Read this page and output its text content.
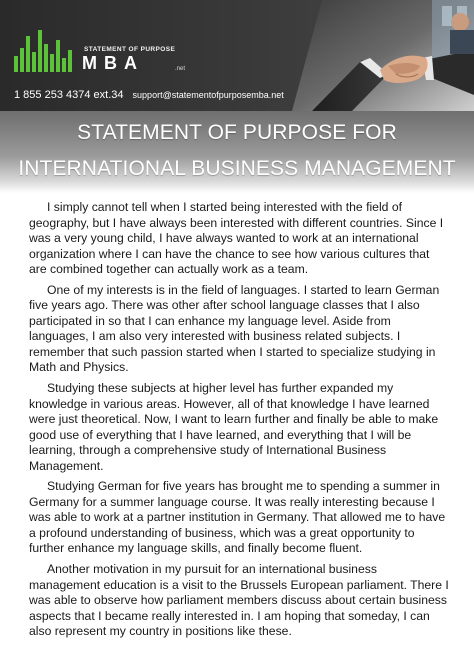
STATEMENT OF PURPOSE
MBA	.net
1 855 253 4374 ext.34 support@statementofpurposemba.net
STATEMENT OF PURPOSE FOR
INTERNATIONAL BUSINESS MANAGEMENT

I simply cannot tell when I started being interested with the field of geography, but I have always been interested with different countries. Since I was a very young child, I have always wanted to work at an international organization where I can have the chance to see how various cultures that are combined together can actually work as a team.

One of my interests is in the field of languages. I started to learn German five years ago. There was other after school language classes that I also participated in so that I can enhance my language level. Aside from languages, I am also very interested with business related subjects. I remember that such passion started when I started to specialize studying in Math and Physics.

Studying these subjects at higher level has further expanded my knowledge in various areas. However, all of that knowledge I have learned were just theoretical. Now, I want to learn further and finally be able to make good use of everything that I have learned, and everything that I will be learning, through a comprehensive study of International Business Management.

Studying German for five years has brought me to spending a summer in Germany for a summer language course. It was really interesting because I was able to work at a partner institution in Germany. That allowed me to have a profound understanding of business, which was a great opportunity to further enhance my language skills, and finally become fluent.

Another motivation in my pursuit for an international business management education is a visit to the Brussels European parliament. There I was able to observe how parliament members discuss about certain business aspects that I became really interested in. I am hoping that someday, I can also represent my country in positions like these.
